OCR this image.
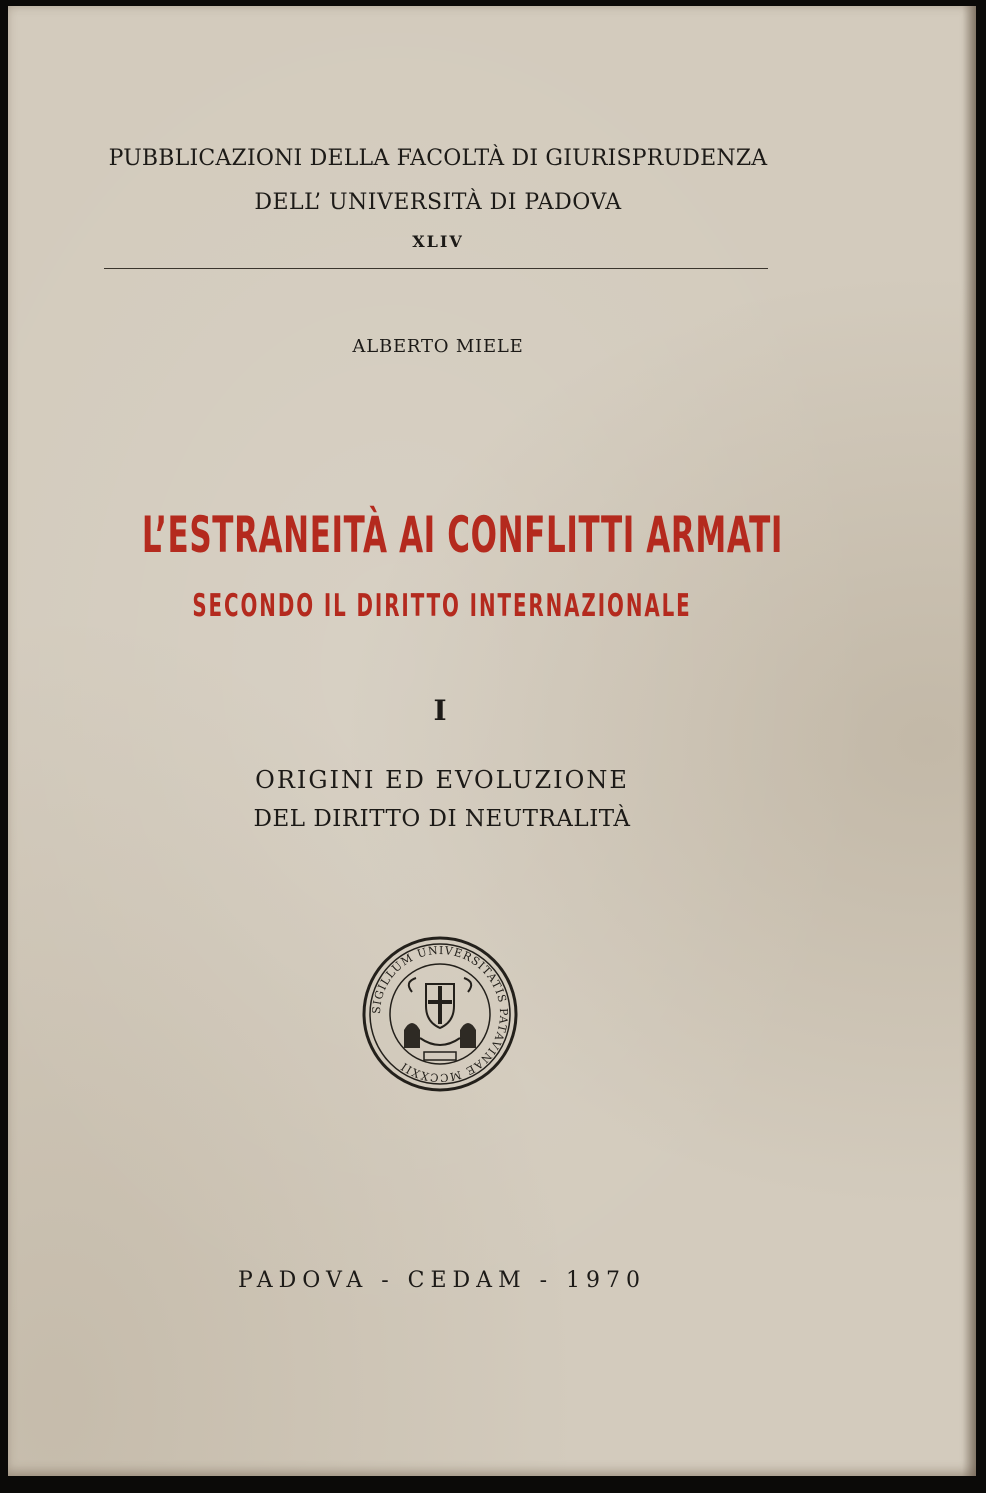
PUBBLICAZIONI DELLA FACOLTÀ DI GIURISPRUDENZA
DELL’ UNIVERSITÀ DI PADOVA
XLIV
ALBERTO MIELE
L’ESTRANEITÀ AI CONFLITTI ARMATI
SECONDO IL DIRITTO INTERNAZIONALE
I
ORIGINI ED EVOLUZIONE
DEL DIRITTO DI NEUTRALITÀ
SIGILLUM UNIVERSITATIS PATAVINAE MCCXXII
PADOVA - CEDAM - 1970
